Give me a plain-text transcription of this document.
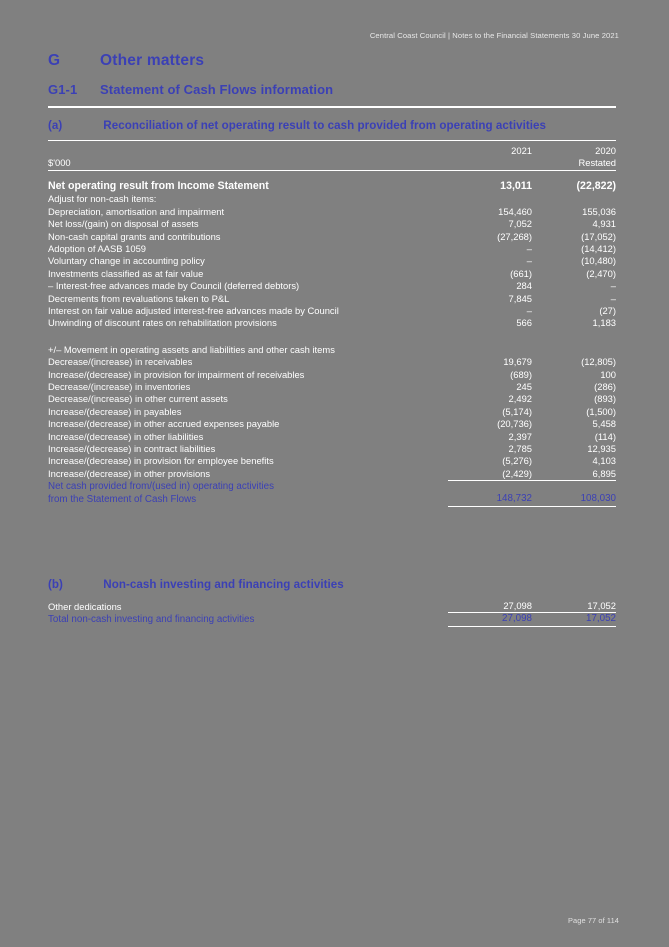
Central Coast Council | Notes to the Financial Statements 30 June 2021
G	Other matters
G1-1	Statement of Cash Flows information
(a)	Reconciliation of net operating result to cash provided from operating activities

	2021	2020
$'000		Restated

Net operating result from Income Statement	13,011	(22,822)
Adjust for non-cash items:		
Depreciation, amortisation and impairment	154,460	155,036
Net loss/(gain) on disposal of assets	7,052	4,931
Non-cash capital grants and contributions	(27,268)	(17,052)
Adoption of AASB 1059	–	(14,412)
Voluntary change in accounting policy	–	(10,480)
Investments classified as at fair value	(661)	(2,470)
– Interest-free advances made by Council (deferred debtors)	284	–
Decrements from revaluations taken to P&L	7,845	–
Interest on fair value adjusted interest-free advances made by Council	–	(27)
Unwinding of discount rates on rehabilitation provisions	566	1,183

+/– Movement in operating assets and liabilities and other cash items		
Decrease/(increase) in receivables	19,679	(12,805)
Increase/(decrease) in provision for impairment of receivables	(689)	100
Decrease/(increase) in inventories	245	(286)
Decrease/(increase) in other current assets	2,492	(893)
Increase/(decrease) in payables	(5,174)	(1,500)
Increase/(decrease) in other accrued expenses payable	(20,736)	5,458
Increase/(decrease) in other liabilities	2,397	(114)
Increase/(decrease) in contract liabilities	2,785	12,935
Increase/(decrease) in provision for employee benefits	(5,276)	4,103
Increase/(decrease) in other provisions	(2,429)	6,895
Net cash provided from/(used in) operating activities		
from the Statement of Cash Flows	148,732	108,030
(b)	Non-cash investing and financing activities
Other dedications	27,098	17,052
Total non-cash investing and financing activities	27,098	17,052
Page 77 of 114
